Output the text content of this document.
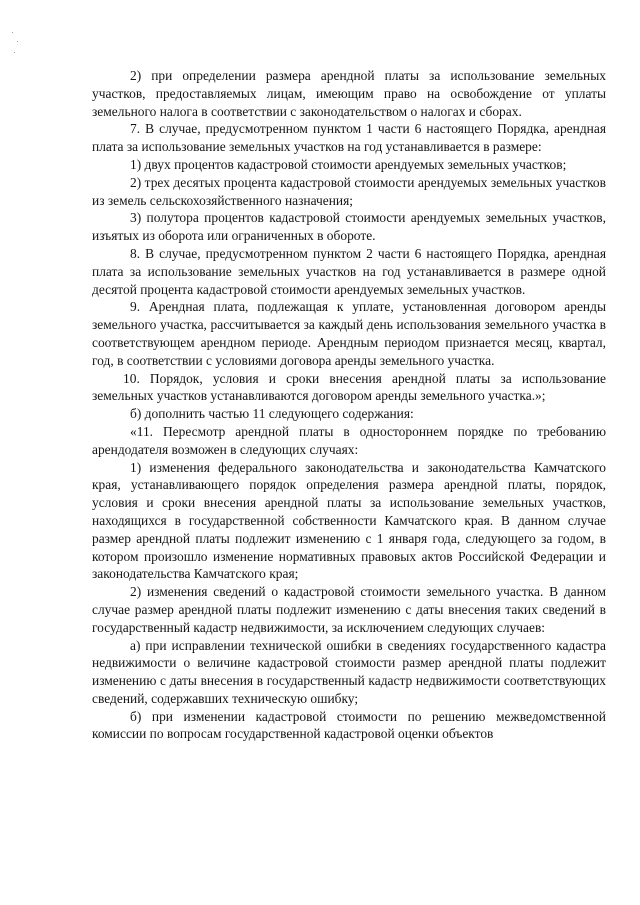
2) при определении размера арендной платы за использование земельных участков, предоставляемых лицам, имеющим право на освобождение от уплаты земельного налога в соответствии с законодательством о налогах и сборах.

7. В случае, предусмотренном пунктом 1 части 6 настоящего Порядка, арендная плата за использование земельных участков на год устанавливается в размере:

1) двух процентов кадастровой стоимости арендуемых земельных участков;

2) трех десятых процента кадастровой стоимости арендуемых земельных участков из земель сельскохозяйственного назначения;

3) полутора процентов кадастровой стоимости арендуемых земельных участков, изъятых из оборота или ограниченных в обороте.

8. В случае, предусмотренном пунктом 2 части 6 настоящего Порядка, арендная плата за использование земельных участков на год устанавливается в размере одной десятой процента кадастровой стоимости арендуемых земельных участков.

9. Арендная плата, подлежащая к уплате, установленная договором аренды земельного участка, рассчитывается за каждый день использования земельного участка в соответствующем арендном периоде. Арендным периодом признается месяц, квартал, год, в соответствии с условиями договора аренды земельного участка.

10. Порядок, условия и сроки внесения арендной платы за использование земельных участков устанавливаются договором аренды земельного участка.»;

б) дополнить частью 11 следующего содержания:

«11. Пересмотр арендной платы в одностороннем порядке по требованию арендодателя возможен в следующих случаях:

1) изменения федерального законодательства и законодательства Камчатского края, устанавливающего порядок определения размера арендной платы, порядок, условия и сроки внесения арендной платы за использование земельных участков, находящихся в государственной собственности Камчатского края. В данном случае размер арендной платы подлежит изменению с 1 января года, следующего за годом, в котором произошло изменение нормативных правовых актов Российской Федерации и законодательства Камчатского края;

2) изменения сведений о кадастровой стоимости земельного участка. В данном случае размер арендной платы подлежит изменению с даты внесения таких сведений в государственный кадастр недвижимости, за исключением следующих случаев:

а) при исправлении технической ошибки в сведениях государственного кадастра недвижимости о величине кадастровой стоимости размер арендной платы подлежит изменению с даты внесения в государственный кадастр недвижимости соответствующих сведений, содержавших техническую ошибку;

б) при изменении кадастровой стоимости по решению межведомственной комиссии по вопросам государственной кадастровой оценки объектов
